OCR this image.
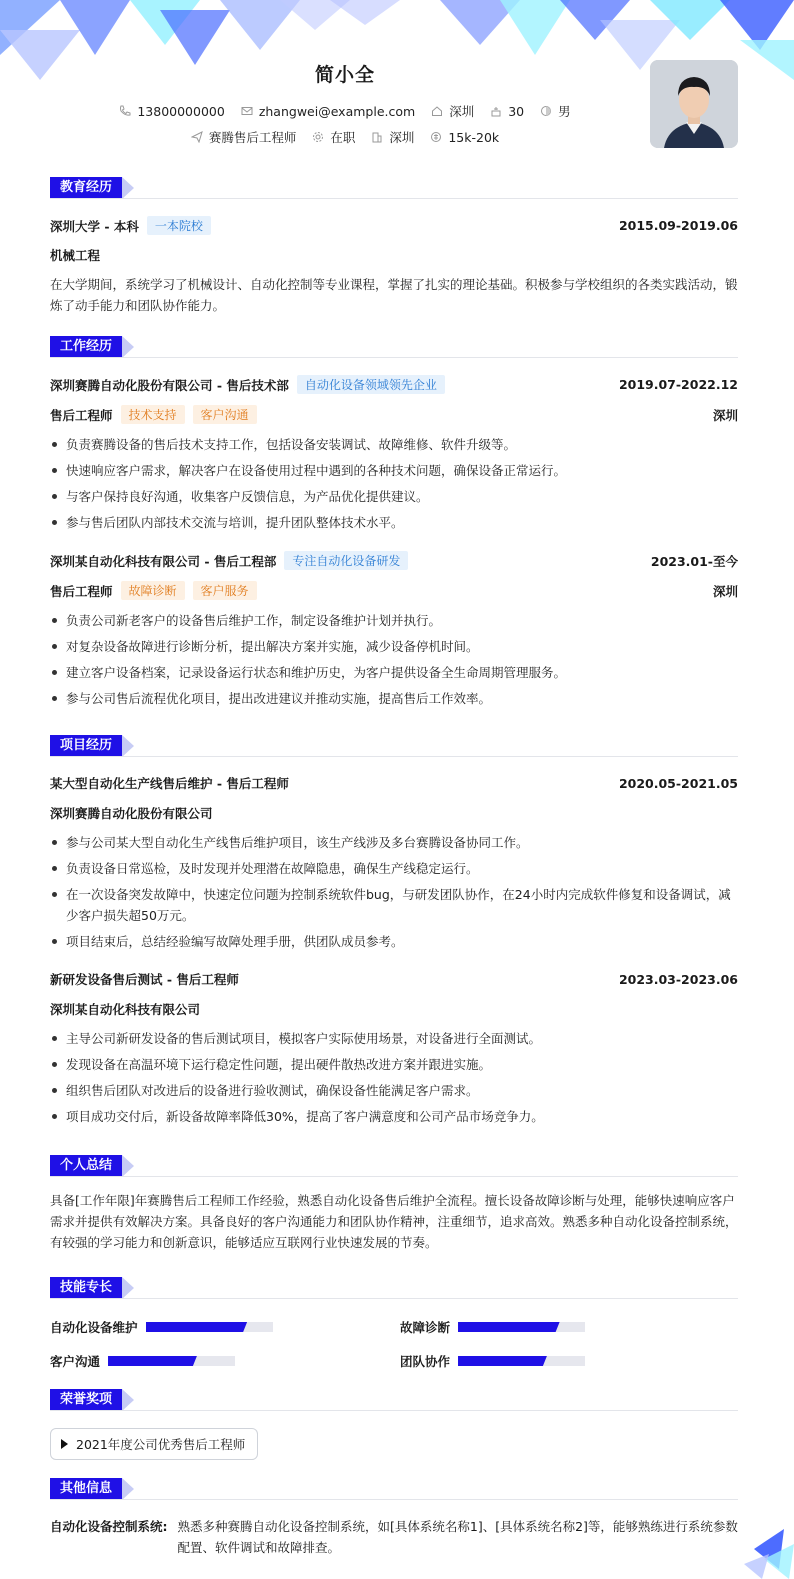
简小全
13800000000	zhangwei@example.com	深圳	30	男
赛腾售后工程师	在职	深圳	15k-20k
教育经历
深圳大学 - 本科	一本院校	2015.09-2019.06
机械工程
在大学期间，系统学习了机械设计、自动化控制等专业课程，掌握了扎实的理论基础。积极参与学校组织的各类实践活动，锻炼了动手能力和团队协作能力。
工作经历
深圳赛腾自动化股份有限公司 - 售后技术部	自动化设备领域领先企业	2019.07-2022.12
售后工程师	技术支持	客户沟通	深圳
负责赛腾设备的售后技术支持工作，包括设备安装调试、故障维修、软件升级等。
快速响应客户需求，解决客户在设备使用过程中遇到的各种技术问题，确保设备正常运行。
与客户保持良好沟通，收集客户反馈信息，为产品优化提供建议。
参与售后团队内部技术交流与培训，提升团队整体技术水平。
深圳某自动化科技有限公司 - 售后工程部	专注自动化设备研发	2023.01-至今
售后工程师	故障诊断	客户服务	深圳
负责公司新老客户的设备售后维护工作，制定设备维护计划并执行。
对复杂设备故障进行诊断分析，提出解决方案并实施，减少设备停机时间。
建立客户设备档案，记录设备运行状态和维护历史，为客户提供设备全生命周期管理服务。
参与公司售后流程优化项目，提出改进建议并推动实施，提高售后工作效率。
项目经历
某大型自动化生产线售后维护 - 售后工程师	2020.05-2021.05
深圳赛腾自动化股份有限公司
参与公司某大型自动化生产线售后维护项目，该生产线涉及多台赛腾设备协同工作。
负责设备日常巡检，及时发现并处理潜在故障隐患，确保生产线稳定运行。
在一次设备突发故障中，快速定位问题为控制系统软件bug，与研发团队协作，在24小时内完成软件修复和设备调试，减少客户损失超50万元。
项目结束后，总结经验编写故障处理手册，供团队成员参考。
新研发设备售后测试 - 售后工程师	2023.03-2023.06
深圳某自动化科技有限公司
主导公司新研发设备的售后测试项目，模拟客户实际使用场景，对设备进行全面测试。
发现设备在高温环境下运行稳定性问题，提出硬件散热改进方案并跟进实施。
组织售后团队对改进后的设备进行验收测试，确保设备性能满足客户需求。
项目成功交付后，新设备故障率降低30%，提高了客户满意度和公司产品市场竞争力。
个人总结
具备[工作年限]年赛腾售后工程师工作经验，熟悉自动化设备售后维护全流程。擅长设备故障诊断与处理，能够快速响应客户需求并提供有效解决方案。具备良好的客户沟通能力和团队协作精神，注重细节，追求高效。熟悉多种自动化设备控制系统，有较强的学习能力和创新意识，能够适应互联网行业快速发展的节奏。
技能专长
自动化设备维护	故障诊断
客户沟通	团队协作
荣誉奖项
2021年度公司优秀售后工程师
其他信息
自动化设备控制系统: 熟悉多种赛腾自动化设备控制系统，如[具体系统名称1]、[具体系统名称2]等，能够熟练进行系统参数配置、软件调试和故障排查。
